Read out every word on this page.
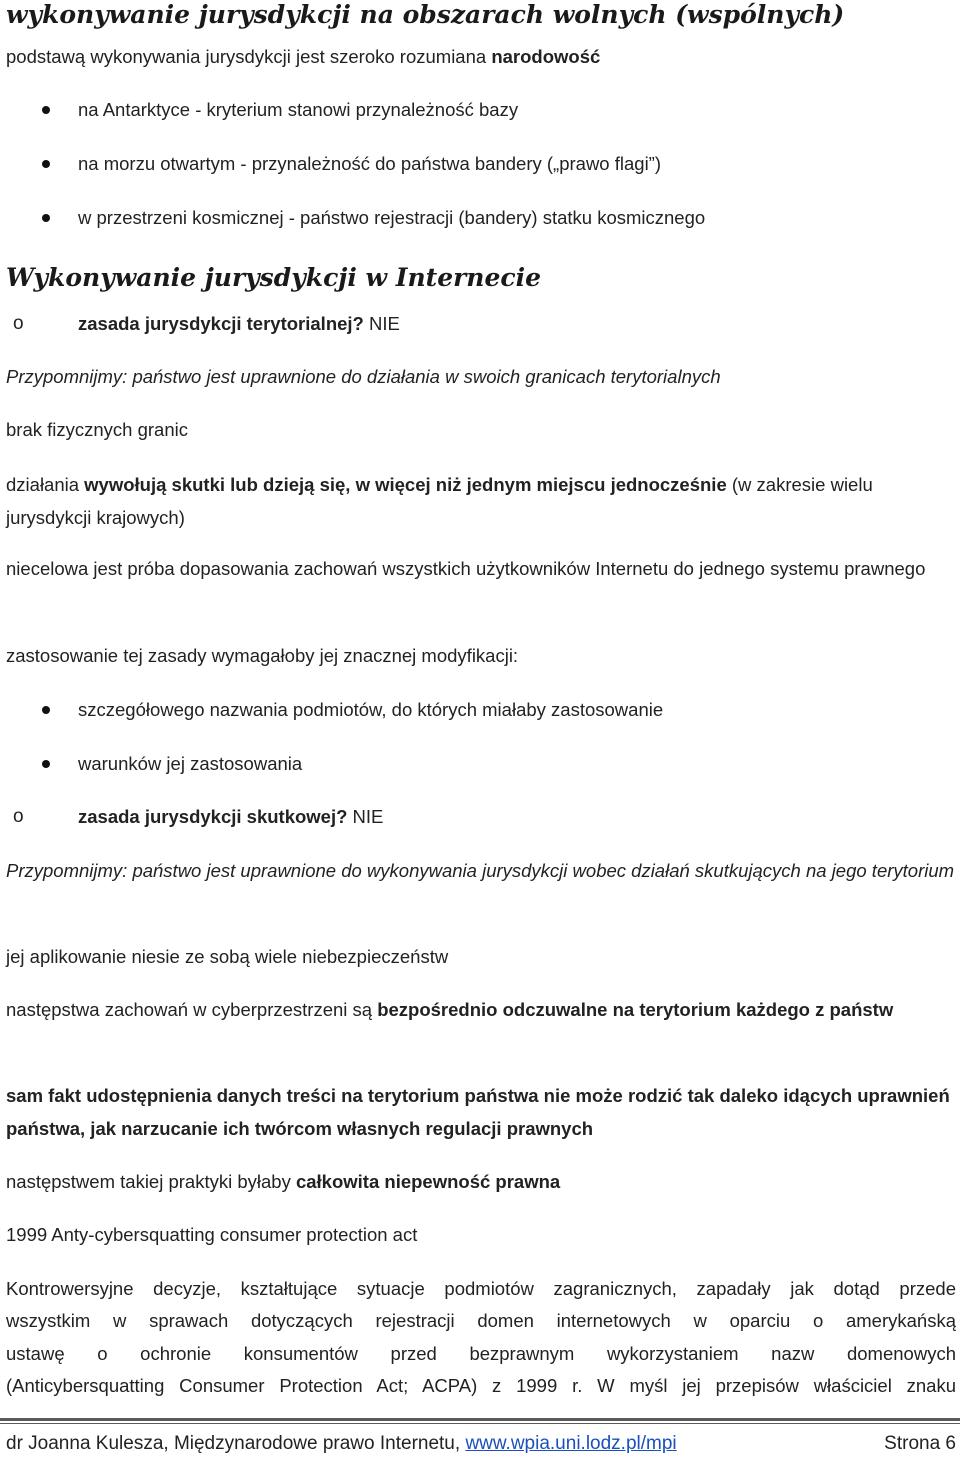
wykonywanie jurysdykcji na obszarach wolnych (wspólnych)
podstawą wykonywania jurysdykcji jest szeroko rozumiana narodowość
na Antarktyce - kryterium stanowi przynależność bazy
na morzu otwartym - przynależność do państwa bandery („prawo flagi”)
w przestrzeni kosmicznej - państwo rejestracji (bandery) statku kosmicznego
Wykonywanie jurysdykcji w Internecie
o	zasada jurysdykcji terytorialnej? NIE
Przypomnijmy: państwo jest uprawnione do działania w swoich granicach terytorialnych
brak fizycznych granic
działania wywołują skutki lub dzieją się, w więcej niż jednym miejscu jednocześnie (w zakresie wielu jurysdykcji krajowych)
niecelowa jest próba dopasowania zachowań wszystkich użytkowników Internetu do jednego systemu prawnego
zastosowanie tej zasady wymagałoby jej znacznej modyfikacji:
szczegółowego nazwania podmiotów, do których miałaby zastosowanie
warunków jej zastosowania
o	zasada jurysdykcji skutkowej? NIE
Przypomnijmy: państwo jest uprawnione do wykonywania jurysdykcji wobec działań skutkujących na jego terytorium
jej aplikowanie niesie ze sobą wiele niebezpieczeństw
następstwa zachowań w cyberprzestrzeni są bezpośrednio odczuwalne na terytorium każdego z państw
sam fakt udostępnienia danych treści na terytorium państwa nie może rodzić tak daleko idących uprawnień państwa, jak narzucanie ich twórcom własnych regulacji prawnych
następstwem takiej praktyki byłaby całkowita niepewność prawna
1999 Anty-cybersquatting consumer protection act
Kontrowersyjne decyzje, kształtujące sytuacje podmiotów zagranicznych, zapadały jak dotąd przede
wszystkim w sprawach dotyczących rejestracji domen internetowych w oparciu o amerykańską
ustawę o ochronie konsumentów przed bezprawnym wykorzystaniem nazw domenowych
(Anticybersquatting Consumer Protection Act; ACPA) z 1999 r. W myśl jej przepisów właściciel znaku
dr Joanna Kulesza, Międzynarodowe prawo Internetu, www.wpia.uni.lodz.pl/mpi	Strona 6
